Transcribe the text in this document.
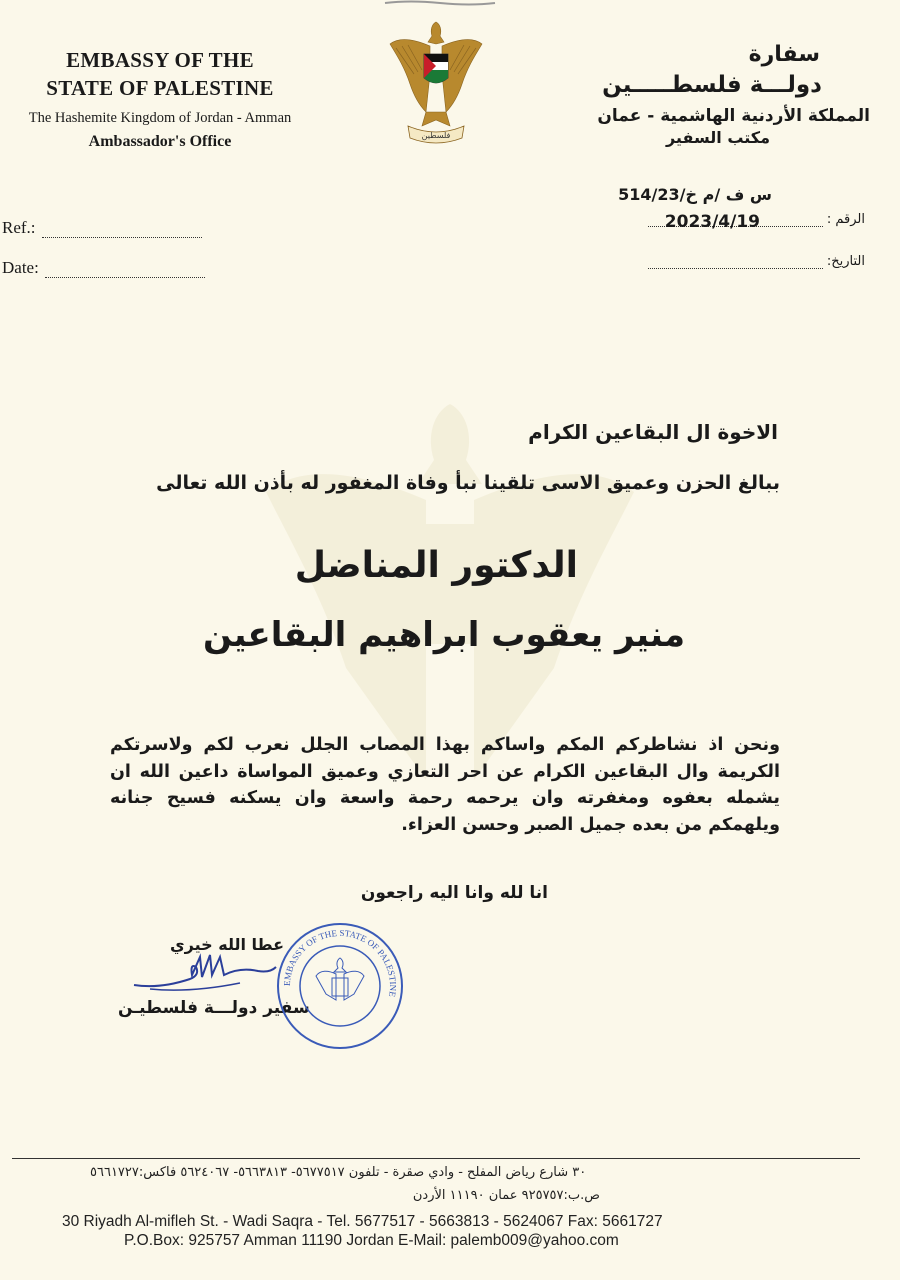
EMBASSY OF THE
STATE OF PALESTINE
The Hashemite Kingdom of Jordan - Amman
Ambassador's Office
Ref.:
Date:
فلسطين
سفارة
دولـــة فلسطـــــين
المملكة الأردنية الهاشمية - عمان
مكتب السفير
س ف /م خ/514/23
الرقم :
2023/4/19
التاريخ:
الاخوة ال البقاعين الكرام
ببالغ الحزن وعميق الاسى تلقينا نبأ وفاة المغفور له بأذن الله تعالى
الدكتور المناضل
منير يعقوب ابراهيم البقاعين
ونحن اذ نشاطركم المكم واساكم بهذا المصاب الجلل نعرب لكم ولاسرتكم الكريمة وال البقاعين الكرام عن احر التعازي وعميق المواساة داعين الله ان يشمله بعفوه ومغفرته وان يرحمه رحمة واسعة وان يسكنه فسيح جنانه ويلهمكم من بعده جميل الصبر وحسن العزاء.
انا لله وانا اليه راجعون
عطا الله خيري
سفير دولـــة فلسطيـن
EMBASSY OF THE STATE OF PALESTINE
٣٠ شارع رياض المفلح - وادي صقرة - تلفون ٥٦٧٧٥١٧- ٥٦٦٣٨١٣- ٥٦٢٤٠٦٧ فاكس:٥٦٦١٧٢٧
ص.ب:٩٢٥٧٥٧ عمان ١١١٩٠ الأردن
30 Riyadh Al-mifleh St. - Wadi Saqra - Tel. 5677517 - 5663813 - 5624067 Fax: 5661727
P.O.Box: 925757 Amman 11190 Jordan E-Mail: palemb009@yahoo.com
